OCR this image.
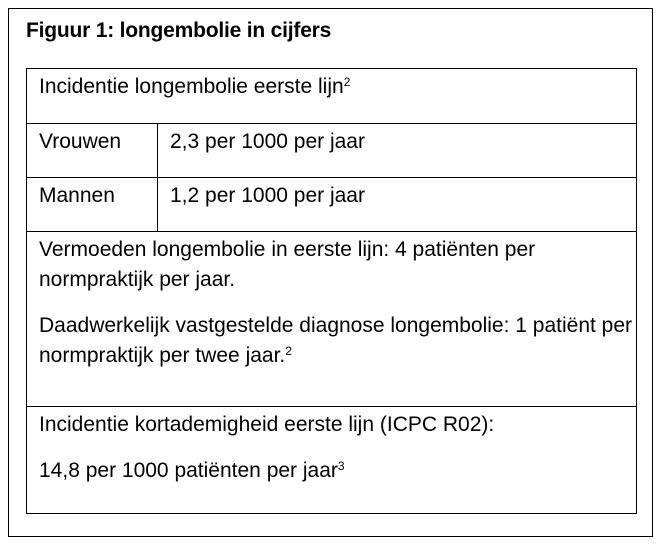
Figuur 1: longembolie in cijfers
Incidentie longembolie eerste lijn$^2$

Vrouwen	2,3 per 1000 per jaar

Mannen	1,2 per 1000 per jaar

Vermoeden longembolie in eerste lijn: 4 patiënten per normpraktijk per jaar.

Daadwerkelijk vastgestelde diagnose longembolie: 1 patiënt per normpraktijk per twee jaar.$^2$

Incidentie kortademigheid eerste lijn (ICPC R02):

14,8 per 1000 patiënten per jaar$^3$
